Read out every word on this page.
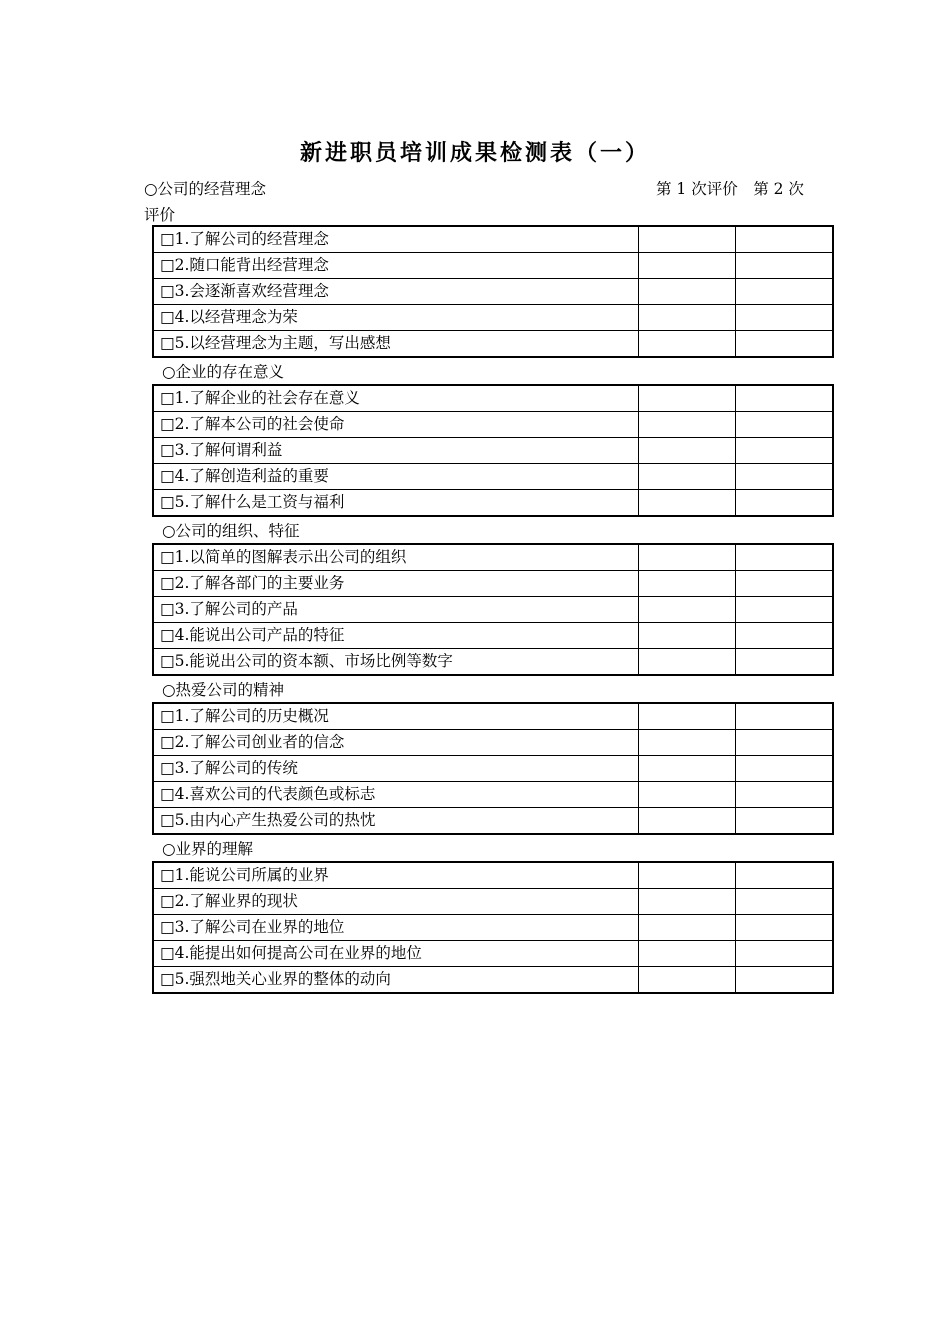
新进职员培训成果检测表（一）
○公司的经营理念	第 1 次评价　第 2 次
评价
□1.了解公司的经营理念		
□2.随口能背出经营理念		
□3.会逐渐喜欢经营理念		
□4.以经营理念为荣		
□5.以经营理念为主题，写出感想		
○企业的存在意义
□1.了解企业的社会存在意义		
□2.了解本公司的社会使命		
□3.了解何谓利益		
□4.了解创造利益的重要		
□5.了解什么是工资与福利		
○公司的组织、特征
□1.以简单的图解表示出公司的组织		
□2.了解各部门的主要业务		
□3.了解公司的产品		
□4.能说出公司产品的特征		
□5.能说出公司的资本额、市场比例等数字		
○热爱公司的精神
□1.了解公司的历史概况		
□2.了解公司创业者的信念		
□3.了解公司的传统		
□4.喜欢公司的代表颜色或标志		
□5.由内心产生热爱公司的热忱		
○业界的理解
□1.能说公司所属的业界		
□2.了解业界的现状		
□3.了解公司在业界的地位		
□4.能提出如何提高公司在业界的地位		
□5.强烈地关心业界的整体的动向		
